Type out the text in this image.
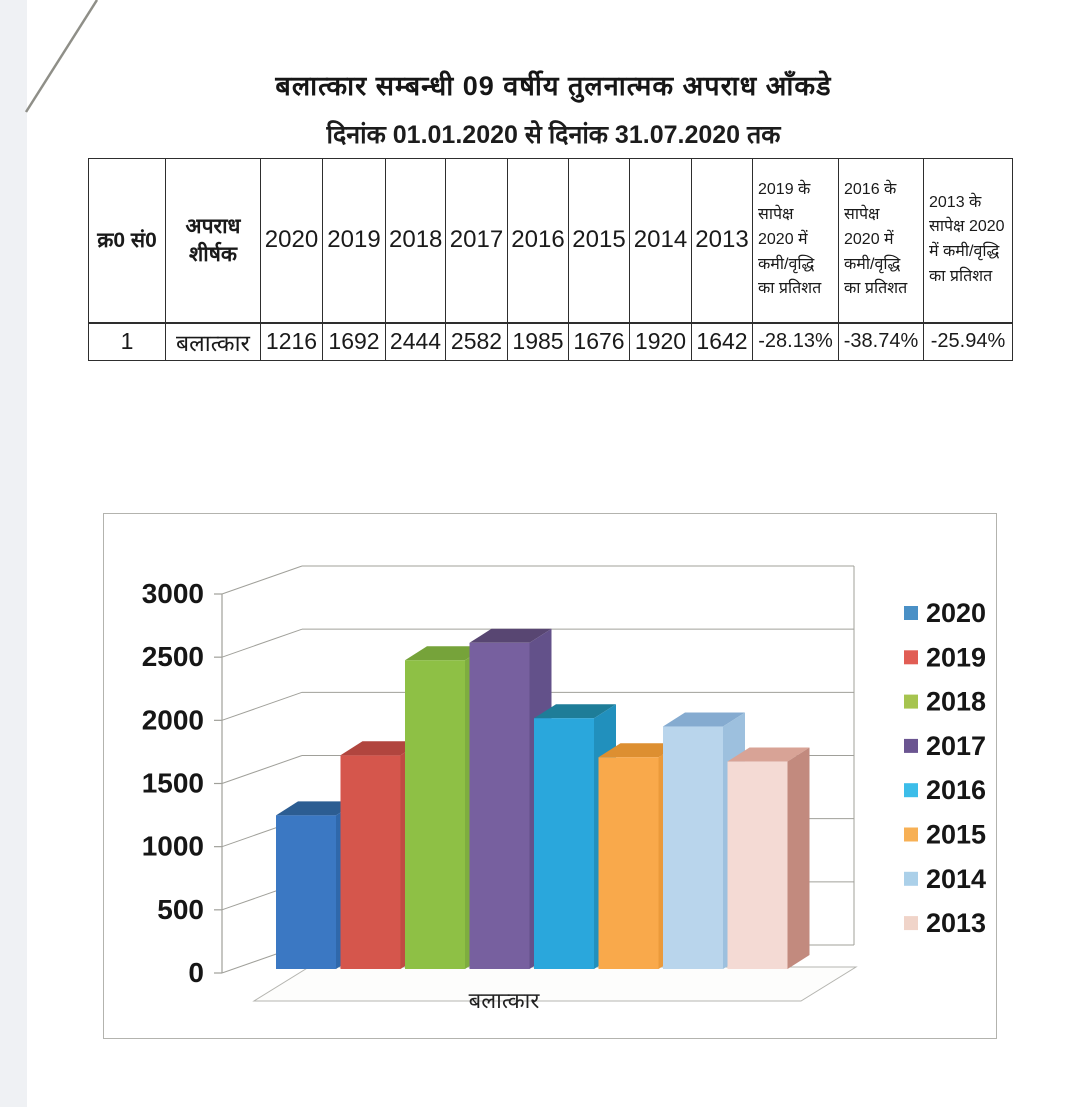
बलात्कार सम्बन्धी 09 वर्षीय तुलनात्मक अपराध आँकडे
दिनांक 01.01.2020 से दिनांक 31.07.2020 तक
क्र0 सं0	अपराध शीर्षक	2020	2019	2018	2017	2016	2015	2014	2013	2019 के सापेक्ष 2020 में कमी/वृद्धि का प्रतिशत	2016 के सापेक्ष 2020 में कमी/वृद्धि का प्रतिशत	2013 के सापेक्ष 2020 में कमी/वृद्धि का प्रतिशत
1	बलात्कार	1216	1692	2444	2582	1985	1676	1920	1642	-28.13%	-38.74%	-25.94%
0
500
1000
1500
2000
2500
3000
बलात्कार
2020
2019
2018
2017
2016
2015
2014
2013
